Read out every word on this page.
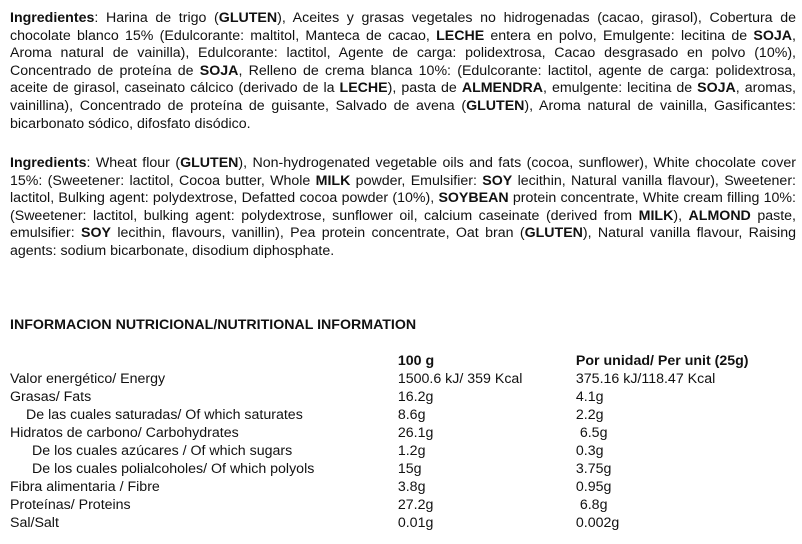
Ingredientes: Harina de trigo (GLUTEN), Aceites y grasas vegetales no hidrogenadas (cacao, girasol), Cobertura de chocolate blanco 15% (Edulcorante: maltitol, Manteca de cacao, LECHE entera en polvo, Emulgente: lecitina de SOJA, Aroma natural de vainilla), Edulcorante: lactitol, Agente de carga: polidextrosa, Cacao desgrasado en polvo (10%), Concentrado de proteína de SOJA, Relleno de crema blanca 10%: (Edulcorante: lactitol, agente de carga: polidextrosa, aceite de girasol, caseinato cálcico (derivado de la LECHE), pasta de ALMENDRA, emulgente: lecitina de SOJA, aromas, vainillina), Concentrado de proteína de guisante, Salvado de avena (GLUTEN), Aroma natural de vainilla, Gasificantes: bicarbonato sódico, difosfato disódico.

Ingredients: Wheat flour (GLUTEN), Non-hydrogenated vegetable oils and fats (cocoa, sunflower), White chocolate cover 15%: (Sweetener: lactitol, Cocoa butter, Whole MILK powder, Emulsifier: SOY lecithin, Natural vanilla flavour), Sweetener: lactitol, Bulking agent: polydextrose, Defatted cocoa powder (10%), SOYBEAN protein concentrate, White cream filling 10%: (Sweetener: lactitol, bulking agent: polydextrose, sunflower oil, calcium caseinate (derived from MILK), ALMOND paste, emulsifier: SOY lecithin, flavours, vanillin), Pea protein concentrate, Oat bran (GLUTEN), Natural vanilla flavour, Raising agents: sodium bicarbonate, disodium diphosphate.

INFORMACION NUTRICIONAL/NUTRITIONAL INFORMATION

	100 g	Por unidad/ Per unit (25g)
Valor energético/ Energy	1500.6 kJ/ 359 Kcal	375.16 kJ/118.47 Kcal
Grasas/ Fats	16.2g	4.1g
De las cuales saturadas/ Of which saturates	8.6g	2.2g
Hidratos de carbono/ Carbohydrates	26.1g	6.5g
De los cuales azúcares / Of which sugars	1.2g	0.3g
De los cuales polialcoholes/ Of which polyols	15g	3.75g
Fibra alimentaria / Fibre	3.8g	0.95g
Proteínas/ Proteins	27.2g	6.8g
Sal/Salt	0.01g	0.002g
